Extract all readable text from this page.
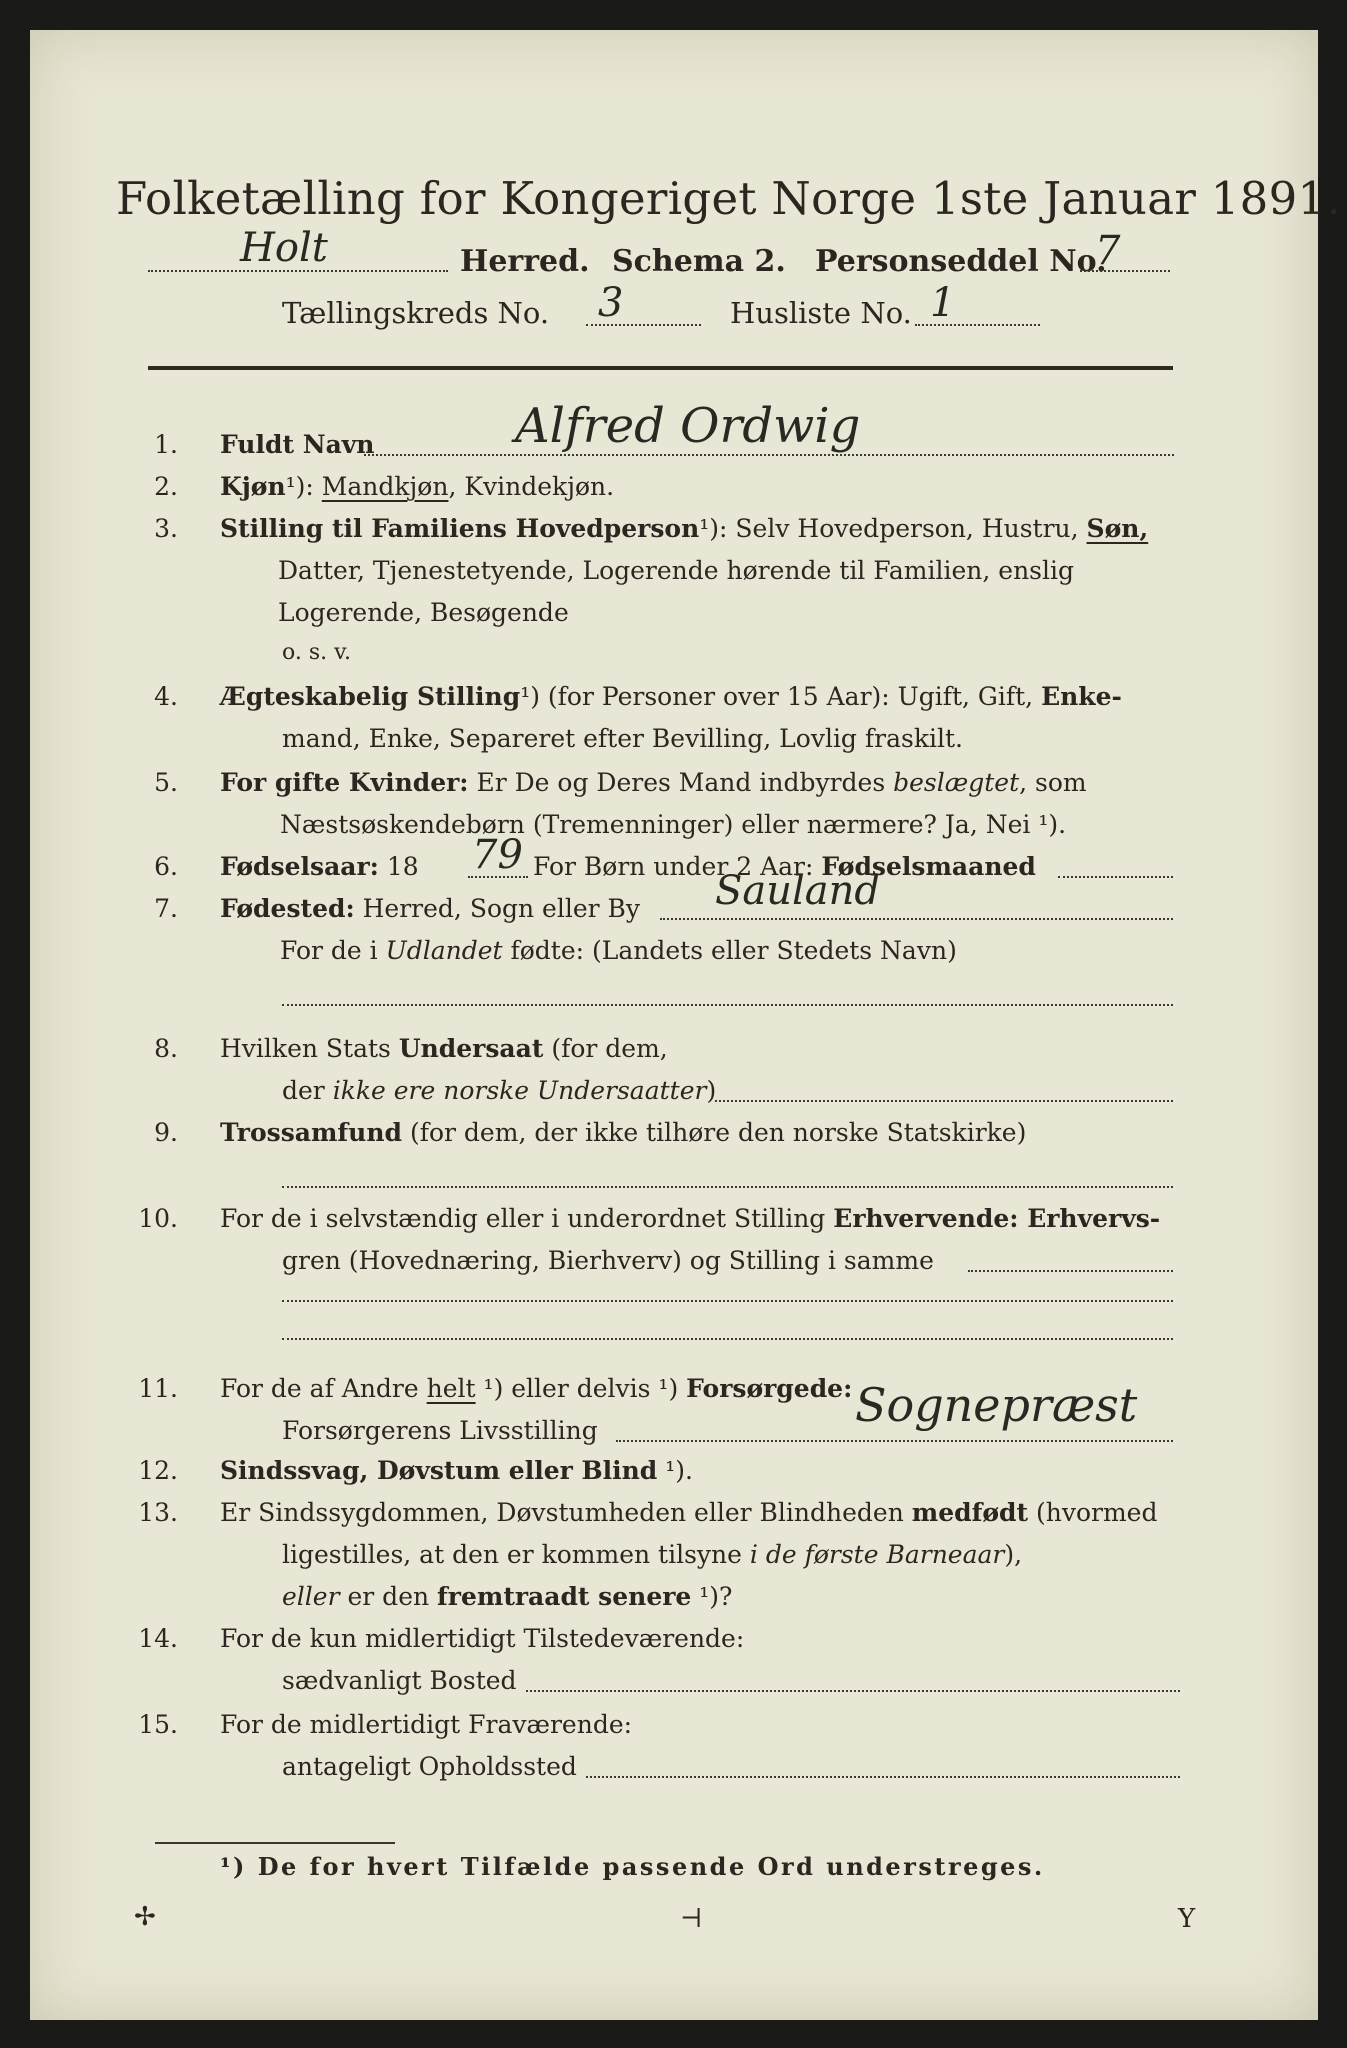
Folketælling for Kongeriget Norge 1ste Januar 1891.
Holt	Herred. Schema 2. Personseddel No.
7
Tællingskreds No. 3	Husliste No. 1
1. Fuldt Navn	Alfred Ordwig
2. Kjøn¹): Mandkjøn, Kvindekjøn.
3. Stilling til Familiens Hovedperson¹): Selv Hovedperson, Hustru, Søn,
Datter, Tjenestetyende, Logerende hørende til Familien, enslig
Logerende, Besøgende
o. s. v.
4. Ægteskabelig Stilling¹) (for Personer over 15 Aar): Ugift, Gift, Enke-
mand, Enke, Separeret efter Bevilling, Lovlig fraskilt.
5. For gifte Kvinder: Er De og Deres Mand indbyrdes beslægtet, som
Næstsøskendebørn (Tremenninger) eller nærmere? Ja, Nei ¹).
6. Fødselsaar: 18 79 For Børn under 2 Aar: Fødselsmaaned
7. Fødested: Herred, Sogn eller By Sauland
For de i Udlandet fødte: (Landets eller Stedets Navn)
8. Hvilken Stats Undersaat (for dem,
der ikke ere norske Undersaatter)
9. Trossamfund (for dem, der ikke tilhøre den norske Statskirke)
10. For de i selvstændig eller i underordnet Stilling Erhvervende: Erhvervs-
gren (Hovednæring, Bierhverv) og Stilling i samme
11. For de af Andre helt ¹) eller delvis ¹) Forsørgede:
Forsørgerens Livsstilling	Sognepræst
12. Sindssvag, Døvstum eller Blind ¹).
13. Er Sindssygdommen, Døvstumheden eller Blindheden medfødt (hvormed
ligestilles, at den er kommen tilsyne i de første Barneaar),
eller er den fremtraadt senere ¹)?
14. For de kun midlertidigt Tilstedeværende:
sædvanligt Bosted
15. For de midlertidigt Fraværende:
antageligt Opholdssted
¹) De for hvert Tilfælde passende Ord understreges.
✢	⊣	Y
